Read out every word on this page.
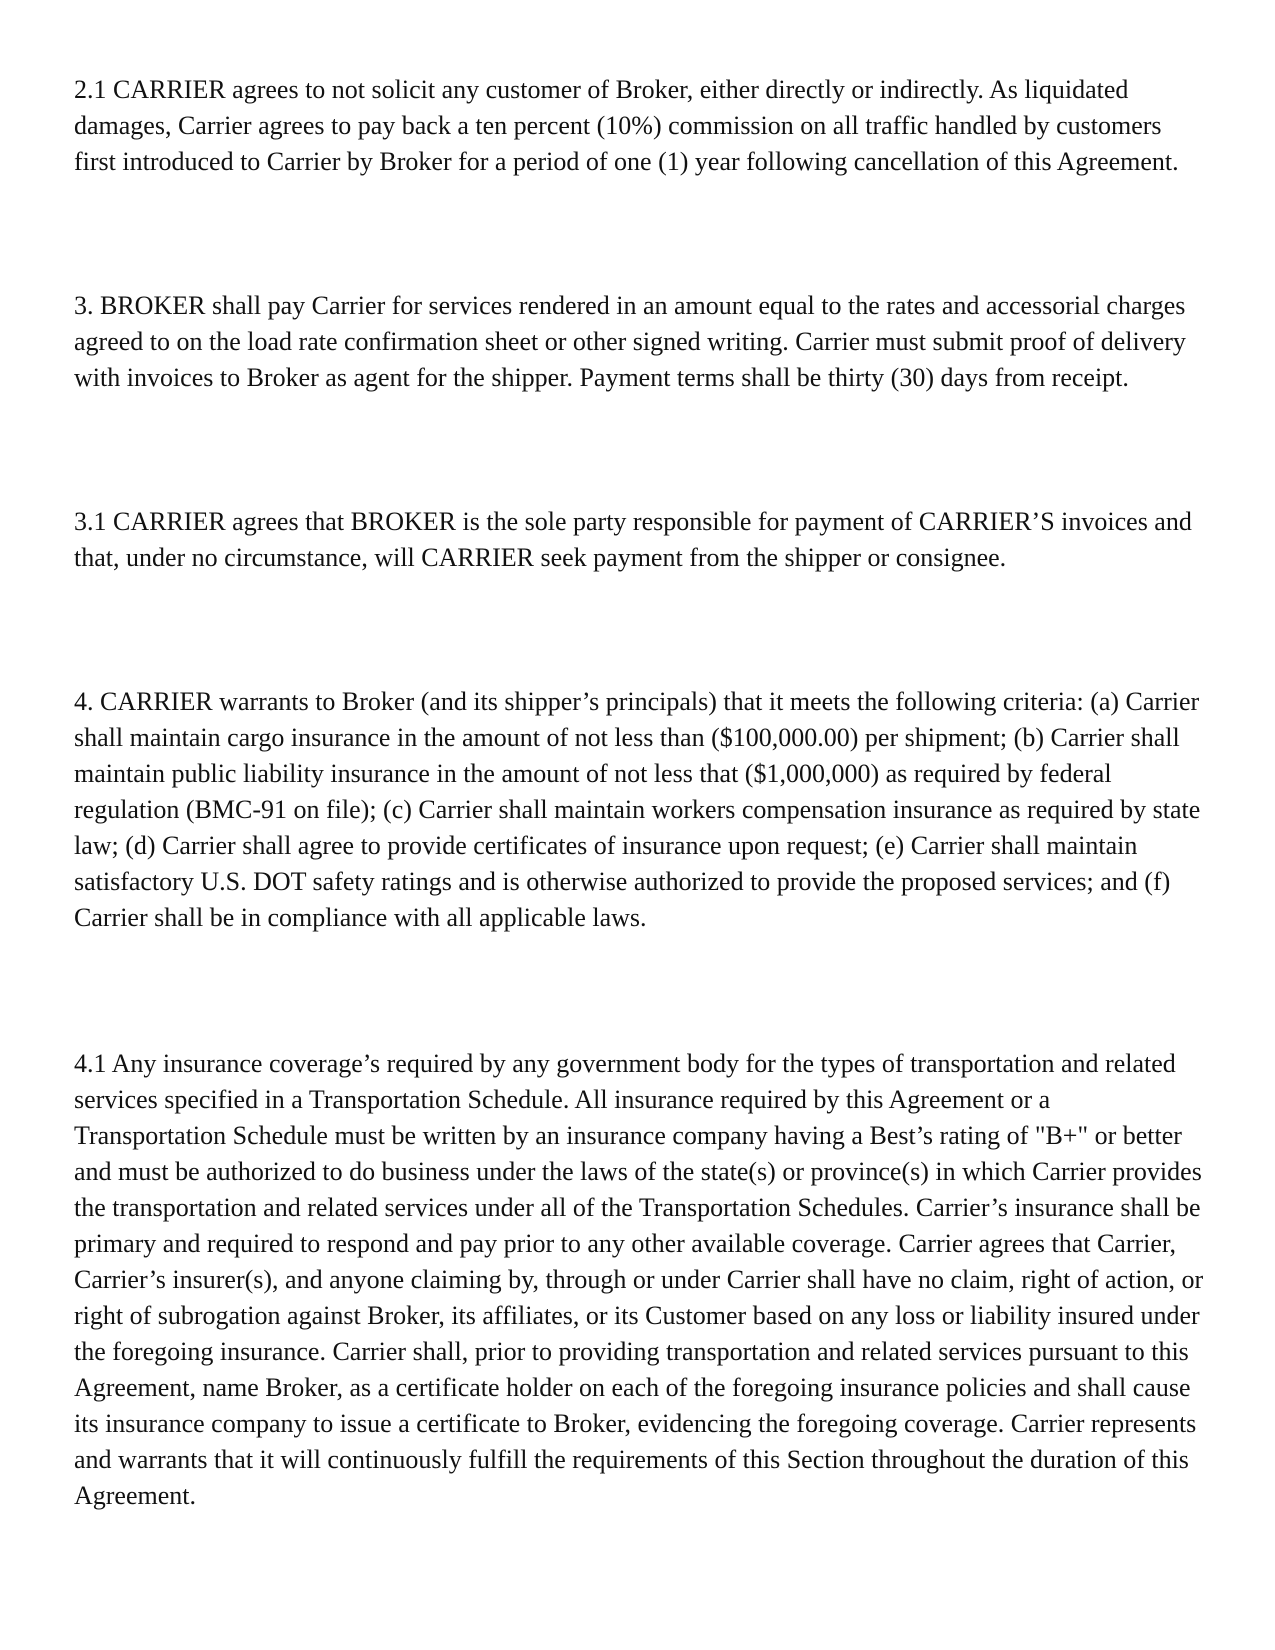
2.1 CARRIER agrees to not solicit any customer of Broker, either directly or indirectly. As liquidated damages, Carrier agrees to pay back a ten percent (10%) commission on all traffic handled by customers first introduced to Carrier by Broker for a period of one (1) year following cancellation of this Agreement.

3. BROKER shall pay Carrier for services rendered in an amount equal to the rates and accessorial charges agreed to on the load rate confirmation sheet or other signed writing. Carrier must submit proof of delivery with invoices to Broker as agent for the shipper. Payment terms shall be thirty (30) days from receipt.

3.1 CARRIER agrees that BROKER is the sole party responsible for payment of CARRIER’S invoices and that, under no circumstance, will CARRIER seek payment from the shipper or consignee.

4. CARRIER warrants to Broker (and its shipper’s principals) that it meets the following criteria: (a) Carrier shall maintain cargo insurance in the amount of not less than ($100,000.00) per shipment; (b) Carrier shall maintain public liability insurance in the amount of not less that ($1,000,000) as required by federal regulation (BMC-91 on file); (c) Carrier shall maintain workers compensation insurance as required by state law; (d) Carrier shall agree to provide certificates of insurance upon request; (e) Carrier shall maintain satisfactory U.S. DOT safety ratings and is otherwise authorized to provide the proposed services; and (f) Carrier shall be in compliance with all applicable laws.

4.1 Any insurance coverage’s required by any government body for the types of transportation and related services specified in a Transportation Schedule. All insurance required by this Agreement or a Transportation Schedule must be written by an insurance company having a Best’s rating of "B+" or better and must be authorized to do business under the laws of the state(s) or province(s) in which Carrier provides the transportation and related services under all of the Transportation Schedules. Carrier’s insurance shall be primary and required to respond and pay prior to any other available coverage. Carrier agrees that Carrier, Carrier’s insurer(s), and anyone claiming by, through or under Carrier shall have no claim, right of action, or right of subrogation against Broker, its affiliates, or its Customer based on any loss or liability insured under the foregoing insurance. Carrier shall, prior to providing transportation and related services pursuant to this Agreement, name Broker, as a certificate holder on each of the foregoing insurance policies and shall cause its insurance company to issue a certificate to Broker, evidencing the foregoing coverage. Carrier represents and warrants that it will continuously fulfill the requirements of this Section throughout the duration of this Agreement.
